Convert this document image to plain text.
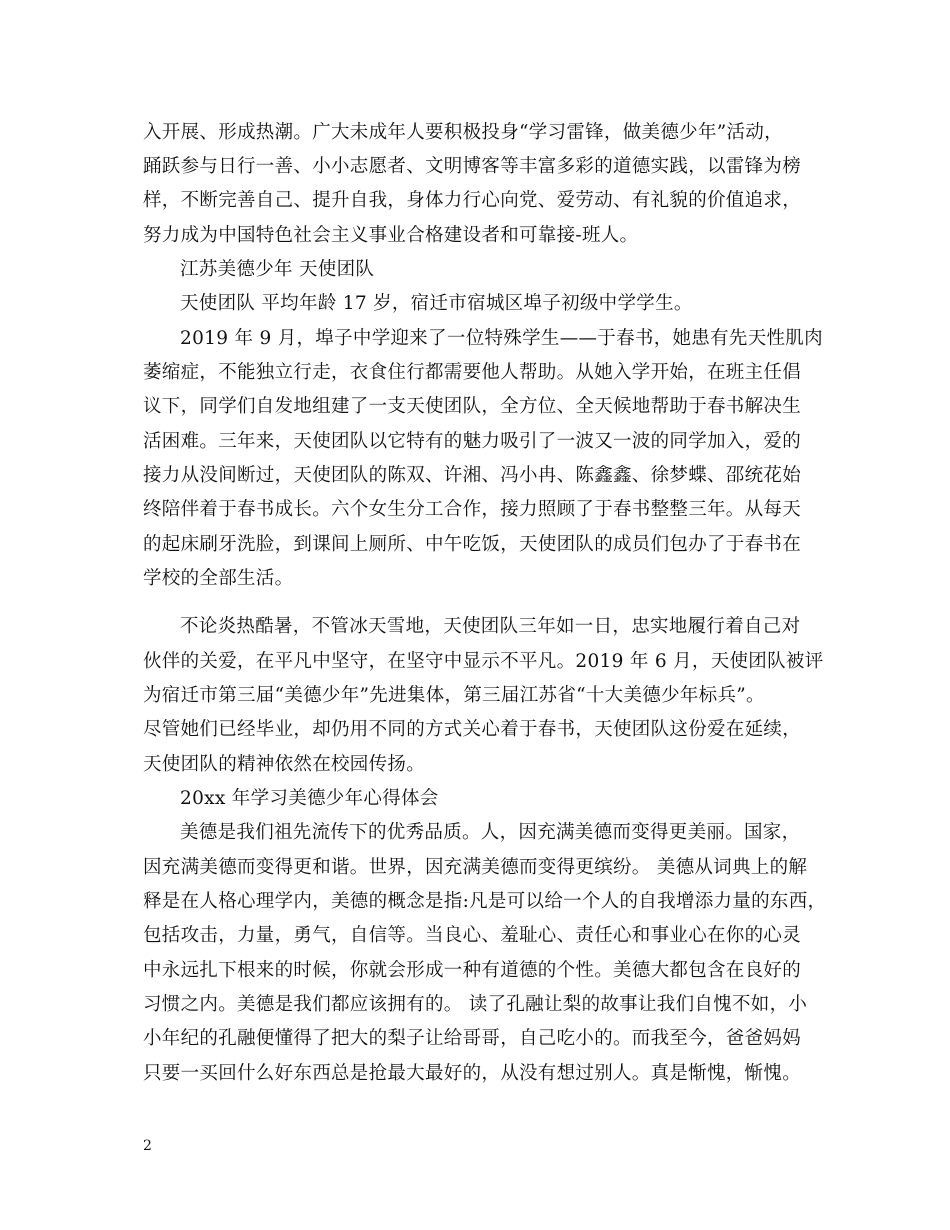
入开展、形成热潮。广大未成年人要积极投身“学习雷锋，做美德少年”活动，
踊跃参与日行一善、小小志愿者、文明博客等丰富多彩的道德实践，以雷锋为榜
样，不断完善自己、提升自我，身体力行心向党、爱劳动、有礼貌的价值追求，
努力成为中国特色社会主义事业合格建设者和可靠接-班人。
江苏美德少年 天使团队
天使团队 平均年龄 17 岁，宿迁市宿城区埠子初级中学学生。
2019 年 9 月，埠子中学迎来了一位特殊学生——于春书，她患有先天性肌肉
萎缩症，不能独立行走，衣食住行都需要他人帮助。从她入学开始，在班主任倡
议下，同学们自发地组建了一支天使团队，全方位、全天候地帮助于春书解决生
活困难。三年来，天使团队以它特有的魅力吸引了一波又一波的同学加入，爱的
接力从没间断过，天使团队的陈双、许湘、冯小冉、陈鑫鑫、徐梦蝶、邵统花始
终陪伴着于春书成长。六个女生分工合作，接力照顾了于春书整整三年。从每天
的起床刷牙洗脸，到课间上厕所、中午吃饭，天使团队的成员们包办了于春书在
学校的全部生活。
不论炎热酷暑，不管冰天雪地，天使团队三年如一日，忠实地履行着自己对
伙伴的关爱，在平凡中坚守，在坚守中显示不平凡。2019 年 6 月，天使团队被评
为宿迁市第三届“美德少年”先进集体，第三届江苏省“十大美德少年标兵”。
尽管她们已经毕业，却仍用不同的方式关心着于春书，天使团队这份爱在延续，
天使团队的精神依然在校园传扬。
20xx 年学习美德少年心得体会
美德是我们祖先流传下的优秀品质。人，因充满美德而变得更美丽。国家，
因充满美德而变得更和谐。世界，因充满美德而变得更缤纷。 美德从词典上的解
释是在人格心理学内，美德的概念是指:凡是可以给一个人的自我增添力量的东西，
包括攻击，力量，勇气，自信等。当良心、羞耻心、责任心和事业心在你的心灵
中永远扎下根来的时候，你就会形成一种有道德的个性。美德大都包含在良好的
习惯之内。美德是我们都应该拥有的。 读了孔融让梨的故事让我们自愧不如，小
小年纪的孔融便懂得了把大的梨子让给哥哥，自己吃小的。而我至今，爸爸妈妈
只要一买回什么好东西总是抢最大最好的，从没有想过别人。真是惭愧，惭愧。
2
